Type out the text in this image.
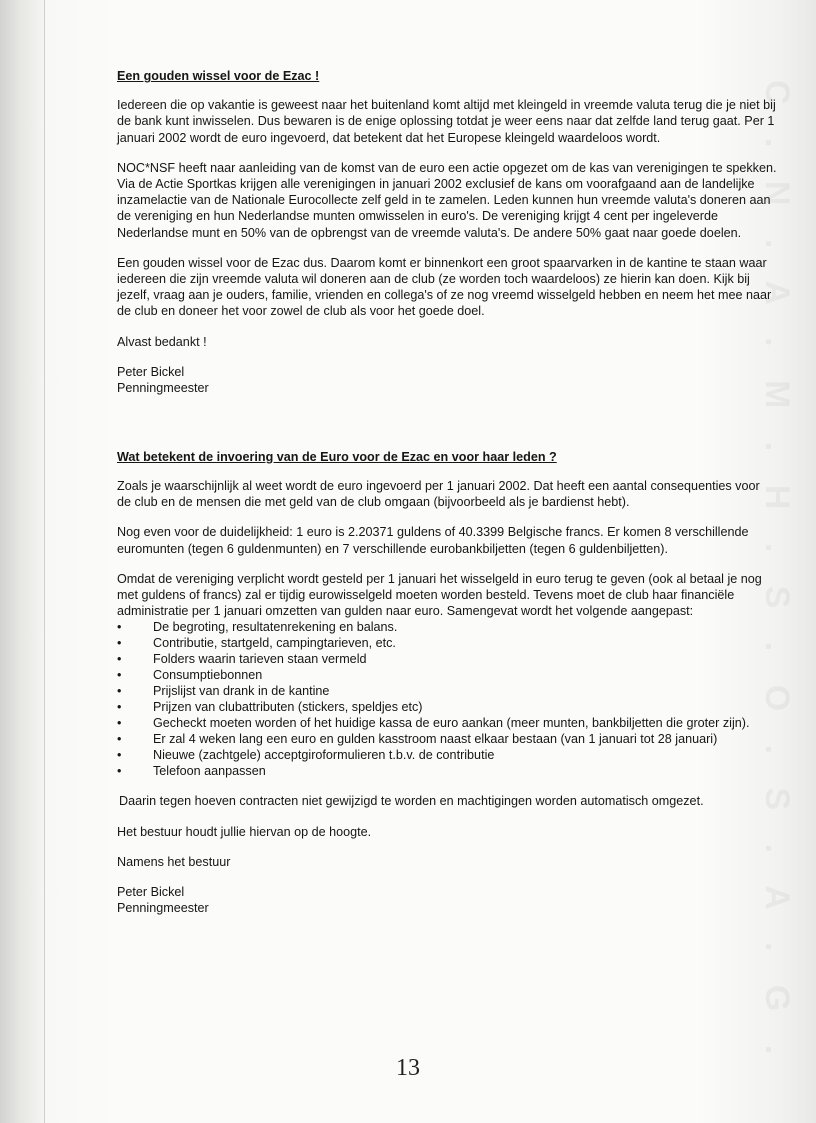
Een gouden wissel voor de Ezac !

Iedereen die op vakantie is geweest naar het buitenland komt altijd met kleingeld in vreemde valuta terug die je niet bij de bank kunt inwisselen. Dus bewaren is de enige oplossing totdat je weer eens naar dat zelfde land terug gaat. Per 1 januari 2002 wordt de euro ingevoerd, dat betekent dat het Europese kleingeld waardeloos wordt.

NOC*NSF heeft naar aanleiding van de komst van de euro een actie opgezet om de kas van verenigingen te spekken. Via de Actie Sportkas krijgen alle verenigingen in januari 2002 exclusief de kans om voorafgaand aan de landelijke inzamelactie van de Nationale Eurocollecte zelf geld in te zamelen. Leden kunnen hun vreemde valuta's doneren aan de vereniging en hun Nederlandse munten omwisselen in euro's. De vereniging krijgt 4 cent per ingeleverde Nederlandse munt en 50% van de opbrengst van de vreemde valuta's. De andere 50% gaat naar goede doelen.

Een gouden wissel voor de Ezac dus. Daarom komt er binnenkort een groot spaarvarken in de kantine te staan waar iedereen die zijn vreemde valuta wil doneren aan de club (ze worden toch waardeloos) ze hierin kan doen. Kijk bij jezelf, vraag aan je ouders, familie, vrienden en collega's of ze nog vreemd wisselgeld hebben en neem het mee naar de club en doneer het voor zowel de club als voor het goede doel.

Alvast bedankt !

Peter Bickel
Penningmeester
Wat betekent de invoering van de Euro voor de Ezac en voor haar leden ?

Zoals je waarschijnlijk al weet wordt de euro ingevoerd per 1 januari 2002. Dat heeft een aantal consequenties voor de club en de mensen die met geld van de club omgaan (bijvoorbeeld als je bardienst hebt).

Nog even voor de duidelijkheid: 1 euro is 2.20371 guldens of 40.3399 Belgische francs. Er komen 8 verschillende euromunten (tegen 6 guldenmunten) en 7 verschillende eurobankbiljetten (tegen 6 guldenbiljetten).

Omdat de vereniging verplicht wordt gesteld per 1 januari het wisselgeld in euro terug te geven (ook al betaal je nog met guldens of francs) zal er tijdig eurowisselgeld moeten worden besteld. Tevens moet de club haar financiële administratie per 1 januari omzetten van gulden naar euro. Samengevat wordt het volgende aangepast:

•	De begroting, resultatenrekening en balans.
•	Contributie, startgeld, campingtarieven, etc.
•	Folders waarin tarieven staan vermeld
•	Consumptiebonnen
•	Prijslijst van drank in de kantine
•	Prijzen van clubattributen (stickers, speldjes etc)
•	Gecheckt moeten worden of het huidige kassa de euro aankan (meer munten, bankbiljetten die groter zijn).
•	Er zal 4 weken lang een euro en gulden kasstroom naast elkaar bestaan (van 1 januari tot 28 januari)
•	Nieuwe (zachtgele) acceptgiroformulieren t.b.v. de contributie
•	Telefoon aanpassen

Daarin tegen hoeven contracten niet gewijzigd te worden en machtigingen worden automatisch omgezet.

Het bestuur houdt jullie hiervan op de hoogte.

Namens het bestuur

Peter Bickel
Penningmeester
13
